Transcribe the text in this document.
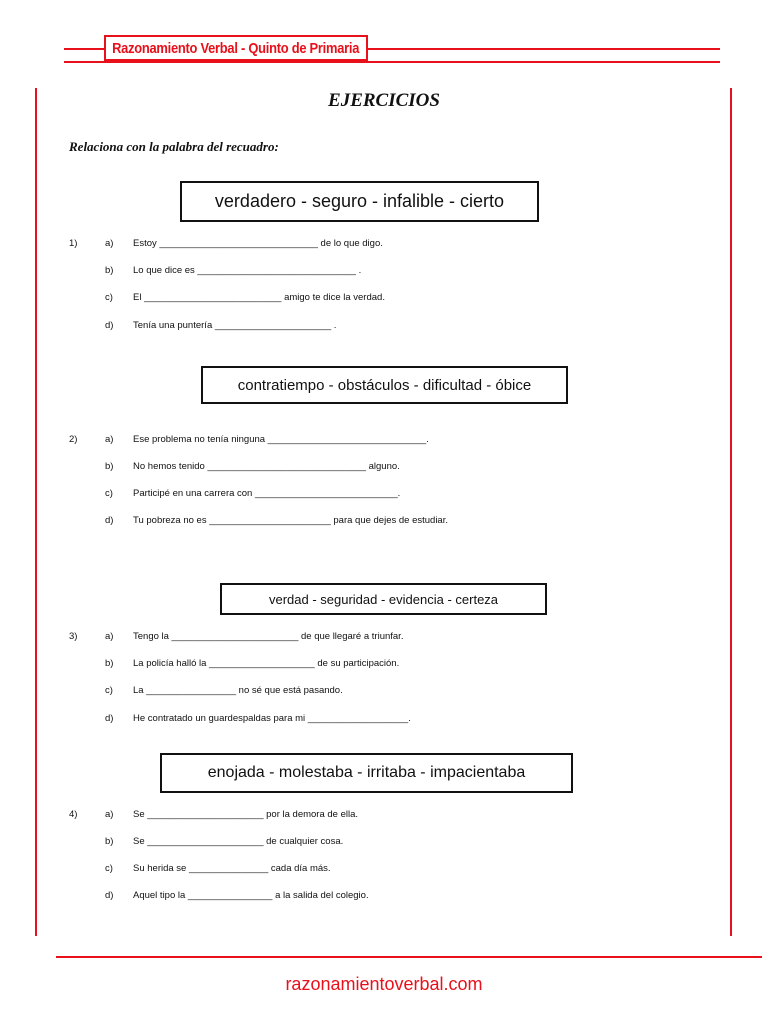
Razonamiento Verbal - Quinto de Primaria
EJERCICIOS
Relaciona con la palabra del recuadro:
verdadero - seguro - infalible - cierto
1)	a) Estoy ______________________________ de lo que digo.
b) Lo que dice es ______________________________ .
c) El __________________________ amigo te dice la verdad.
d) Tenía una puntería ______________________ .
contratiempo - obstáculos - dificultad - óbice
2)	a) Ese problema no tenía ninguna ______________________________.
b) No hemos tenido ______________________________ alguno.
c) Participé en una carrera con ___________________________.
d) Tu pobreza no es _______________________ para que dejes de estudiar.
verdad - seguridad - evidencia - certeza
3)	a) Tengo la ________________________ de que llegaré a triunfar.
b) La policía halló la ____________________ de su participación.
c) La _________________ no sé que está pasando.
d) He contratado un guardespaldas para mi ___________________.
enojada - molestaba - irritaba - impacientaba
4)	a) Se ______________________ por la demora de ella.
b) Se ______________________ de cualquier cosa.
c) Su herida se _______________ cada día más.
d) Aquel tipo la ________________ a la salida del colegio.
razonamientoverbal.com
